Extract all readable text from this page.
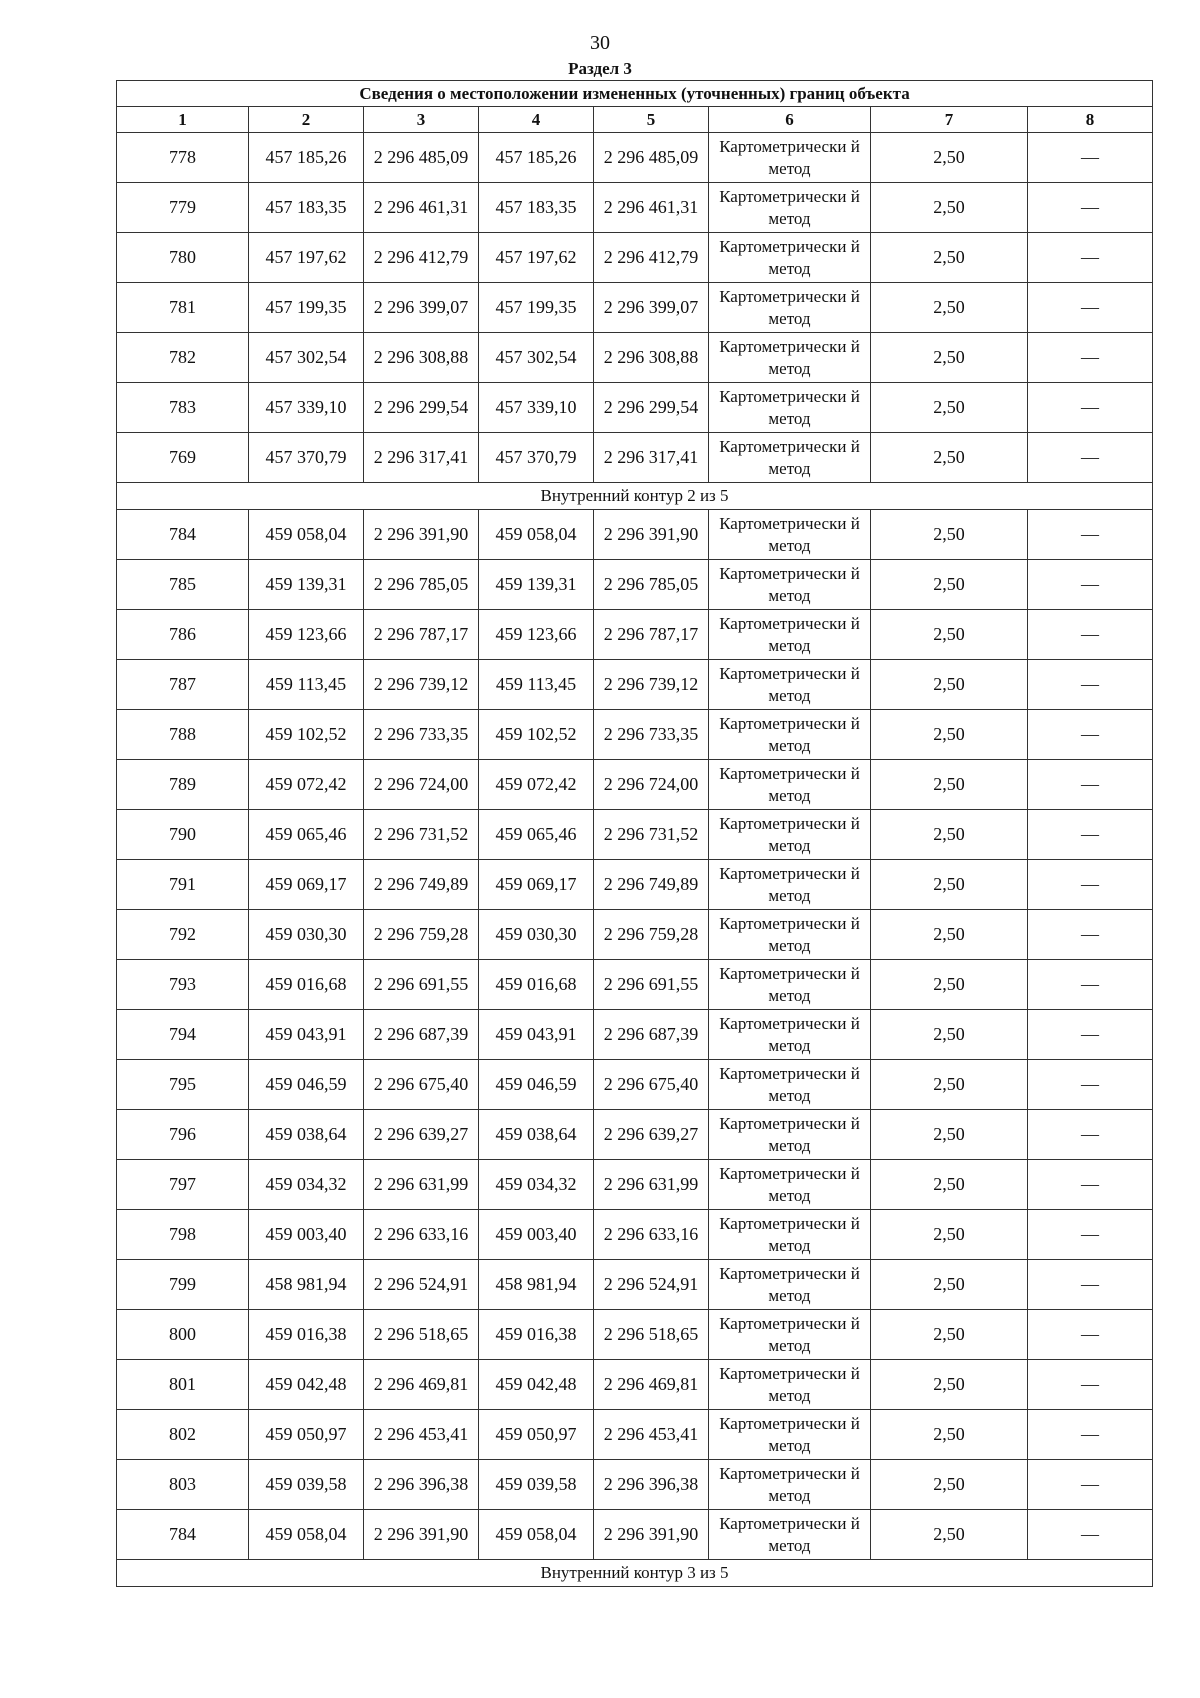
30
Раздел 3
Сведения о местоположении измененных (уточненных) границ объекта							
1	2	3	4	5	6	7	8
778	457 185,26	2 296 485,09	457 185,26	2 296 485,09	Картометрически й метод	2,50	—
779	457 183,35	2 296 461,31	457 183,35	2 296 461,31	Картометрически й метод	2,50	—
780	457 197,62	2 296 412,79	457 197,62	2 296 412,79	Картометрически й метод	2,50	—
781	457 199,35	2 296 399,07	457 199,35	2 296 399,07	Картометрически й метод	2,50	—
782	457 302,54	2 296 308,88	457 302,54	2 296 308,88	Картометрически й метод	2,50	—
783	457 339,10	2 296 299,54	457 339,10	2 296 299,54	Картометрически й метод	2,50	—
769	457 370,79	2 296 317,41	457 370,79	2 296 317,41	Картометрически й метод	2,50	—
Внутренний контур 2 из 5							
784	459 058,04	2 296 391,90	459 058,04	2 296 391,90	Картометрически й метод	2,50	—
785	459 139,31	2 296 785,05	459 139,31	2 296 785,05	Картометрически й метод	2,50	—
786	459 123,66	2 296 787,17	459 123,66	2 296 787,17	Картометрически й метод	2,50	—
787	459 113,45	2 296 739,12	459 113,45	2 296 739,12	Картометрически й метод	2,50	—
788	459 102,52	2 296 733,35	459 102,52	2 296 733,35	Картометрически й метод	2,50	—
789	459 072,42	2 296 724,00	459 072,42	2 296 724,00	Картометрически й метод	2,50	—
790	459 065,46	2 296 731,52	459 065,46	2 296 731,52	Картометрически й метод	2,50	—
791	459 069,17	2 296 749,89	459 069,17	2 296 749,89	Картометрически й метод	2,50	—
792	459 030,30	2 296 759,28	459 030,30	2 296 759,28	Картометрически й метод	2,50	—
793	459 016,68	2 296 691,55	459 016,68	2 296 691,55	Картометрически й метод	2,50	—
794	459 043,91	2 296 687,39	459 043,91	2 296 687,39	Картометрически й метод	2,50	—
795	459 046,59	2 296 675,40	459 046,59	2 296 675,40	Картометрически й метод	2,50	—
796	459 038,64	2 296 639,27	459 038,64	2 296 639,27	Картометрически й метод	2,50	—
797	459 034,32	2 296 631,99	459 034,32	2 296 631,99	Картометрически й метод	2,50	—
798	459 003,40	2 296 633,16	459 003,40	2 296 633,16	Картометрически й метод	2,50	—
799	458 981,94	2 296 524,91	458 981,94	2 296 524,91	Картометрически й метод	2,50	—
800	459 016,38	2 296 518,65	459 016,38	2 296 518,65	Картометрически й метод	2,50	—
801	459 042,48	2 296 469,81	459 042,48	2 296 469,81	Картометрически й метод	2,50	—
802	459 050,97	2 296 453,41	459 050,97	2 296 453,41	Картометрически й метод	2,50	—
803	459 039,58	2 296 396,38	459 039,58	2 296 396,38	Картометрически й метод	2,50	—
784	459 058,04	2 296 391,90	459 058,04	2 296 391,90	Картометрически й метод	2,50	—
Внутренний контур 3 из 5							
